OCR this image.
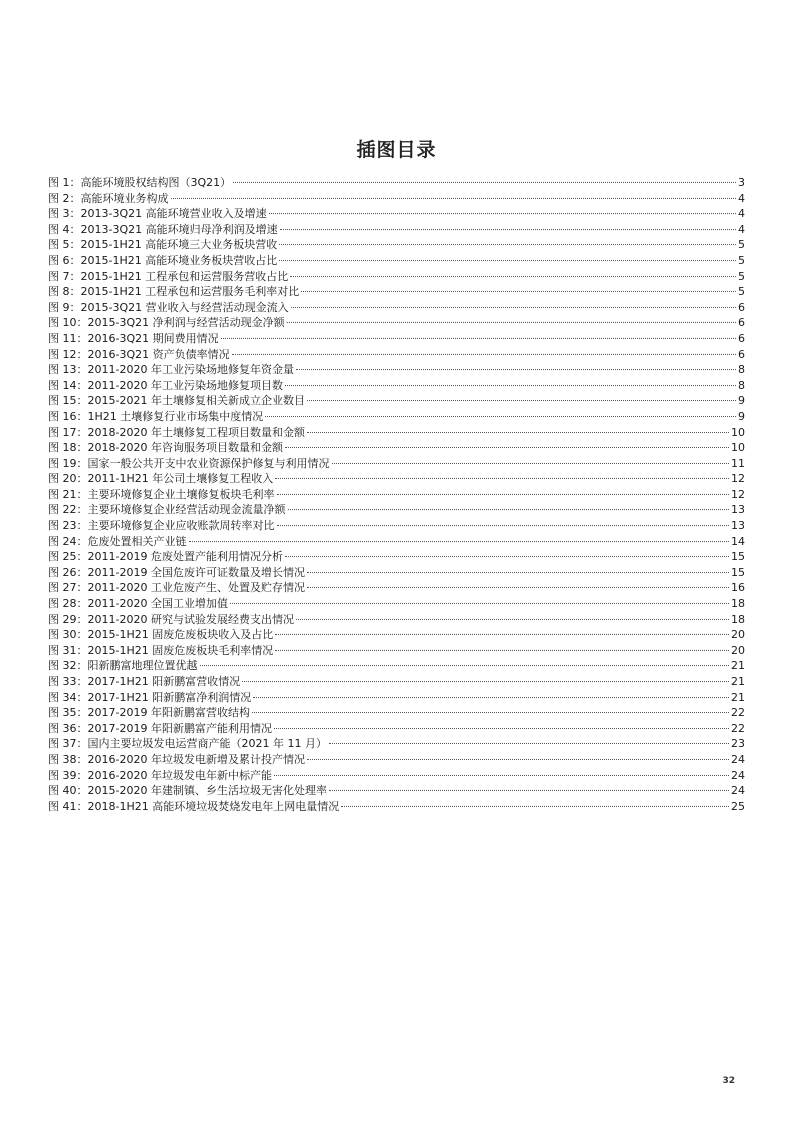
插图目录
图 1：高能环境股权结构图（3Q21）	3
图 2：高能环境业务构成	4
图 3：2013-3Q21 高能环境营业收入及增速	4
图 4：2013-3Q21 高能环境归母净利润及增速	4
图 5：2015-1H21 高能环境三大业务板块营收	5
图 6：2015-1H21 高能环境业务板块营收占比	5
图 7：2015-1H21 工程承包和运营服务营收占比	5
图 8：2015-1H21 工程承包和运营服务毛利率对比	5
图 9：2015-3Q21 营业收入与经营活动现金流入	6
图 10：2015-3Q21 净利润与经营活动现金净额	6
图 11：2016-3Q21 期间费用情况	6
图 12：2016-3Q21 资产负债率情况	6
图 13：2011-2020 年工业污染场地修复年资金量	8
图 14：2011-2020 年工业污染场地修复项目数	8
图 15：2015-2021 年土壤修复相关新成立企业数目	9
图 16：1H21 土壤修复行业市场集中度情况	9
图 17：2018-2020 年土壤修复工程项目数量和金额	10
图 18：2018-2020 年咨询服务项目数量和金额	10
图 19：国家一般公共开支中农业资源保护修复与利用情况	11
图 20：2011-1H21 年公司土壤修复工程收入	12
图 21：主要环境修复企业土壤修复板块毛利率	12
图 22：主要环境修复企业经营活动现金流量净额	13
图 23：主要环境修复企业应收账款周转率对比	13
图 24：危废处置相关产业链	14
图 25：2011-2019 危废处置产能利用情况分析	15
图 26：2011-2019 全国危废许可证数量及增长情况	15
图 27：2011-2020 工业危废产生、处置及贮存情况	16
图 28：2011-2020 全国工业增加值	18
图 29：2011-2020 研究与试验发展经费支出情况	18
图 30：2015-1H21 固废危废板块收入及占比	20
图 31：2015-1H21 固废危废板块毛利率情况	20
图 32：阳新鹏富地理位置优越	21
图 33：2017-1H21 阳新鹏富营收情况	21
图 34：2017-1H21 阳新鹏富净利润情况	21
图 35：2017-2019 年阳新鹏富营收结构	22
图 36：2017-2019 年阳新鹏富产能利用情况	22
图 37：国内主要垃圾发电运营商产能（2021 年 11 月）	23
图 38：2016-2020 年垃圾发电新增及累计投产情况	24
图 39：2016-2020 年垃圾发电年新中标产能	24
图 40：2015-2020 年建制镇、乡生活垃圾无害化处理率	24
图 41：2018-1H21 高能环境垃圾焚烧发电年上网电量情况	25
32
